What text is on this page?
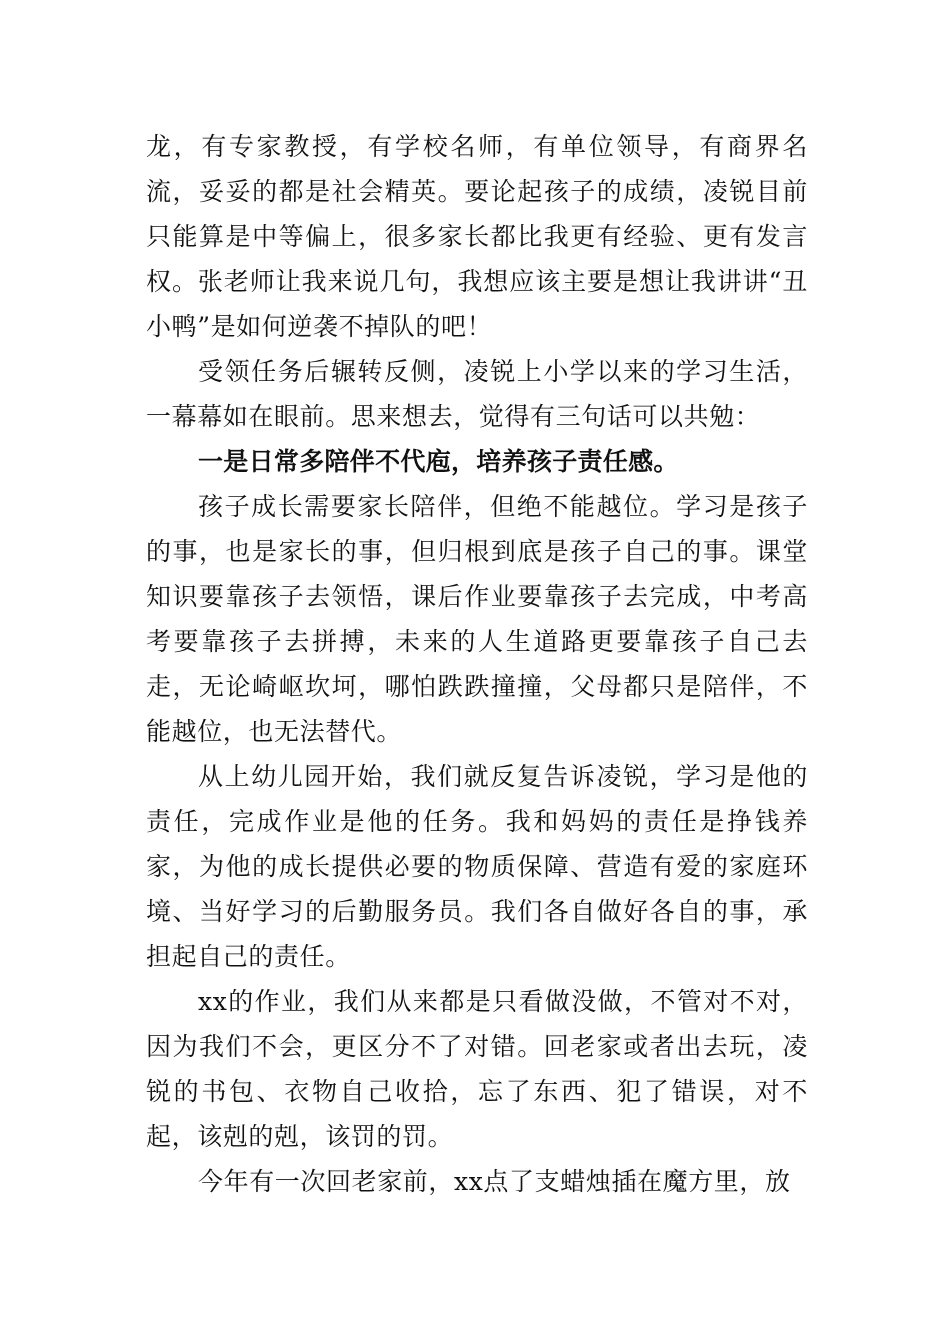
龙，有专家教授，有学校名师，有单位领导，有商界名流，妥妥的都是社会精英。要论起孩子的成绩，凌锐目前只能算是中等偏上，很多家长都比我更有经验、更有发言权。张老师让我来说几句，我想应该主要是想让我讲讲“丑小鸭”是如何逆袭不掉队的吧！

受领任务后辗转反侧，凌锐上小学以来的学习生活，一幕幕如在眼前。思来想去，觉得有三句话可以共勉：

一是日常多陪伴不代庖，培养孩子责任感。

孩子成长需要家长陪伴，但绝不能越位。学习是孩子的事，也是家长的事，但归根到底是孩子自己的事。课堂知识要靠孩子去领悟，课后作业要靠孩子去完成，中考高考要靠孩子去拼搏，未来的人生道路更要靠孩子自己去走，无论崎岖坎坷，哪怕跌跌撞撞，父母都只是陪伴，不能越位，也无法替代。

从上幼儿园开始，我们就反复告诉凌锐，学习是他的责任，完成作业是他的任务。我和妈妈的责任是挣钱养家，为他的成长提供必要的物质保障、营造有爱的家庭环境、当好学习的后勤服务员。我们各自做好各自的事，承担起自己的责任。

xx的作业，我们从来都是只看做没做，不管对不对，因为我们不会，更区分不了对错。回老家或者出去玩，凌锐的书包、衣物自己收拾，忘了东西、犯了错误，对不起，该剋的剋，该罚的罚。

今年有一次回老家前，xx点了支蜡烛插在魔方里，放
